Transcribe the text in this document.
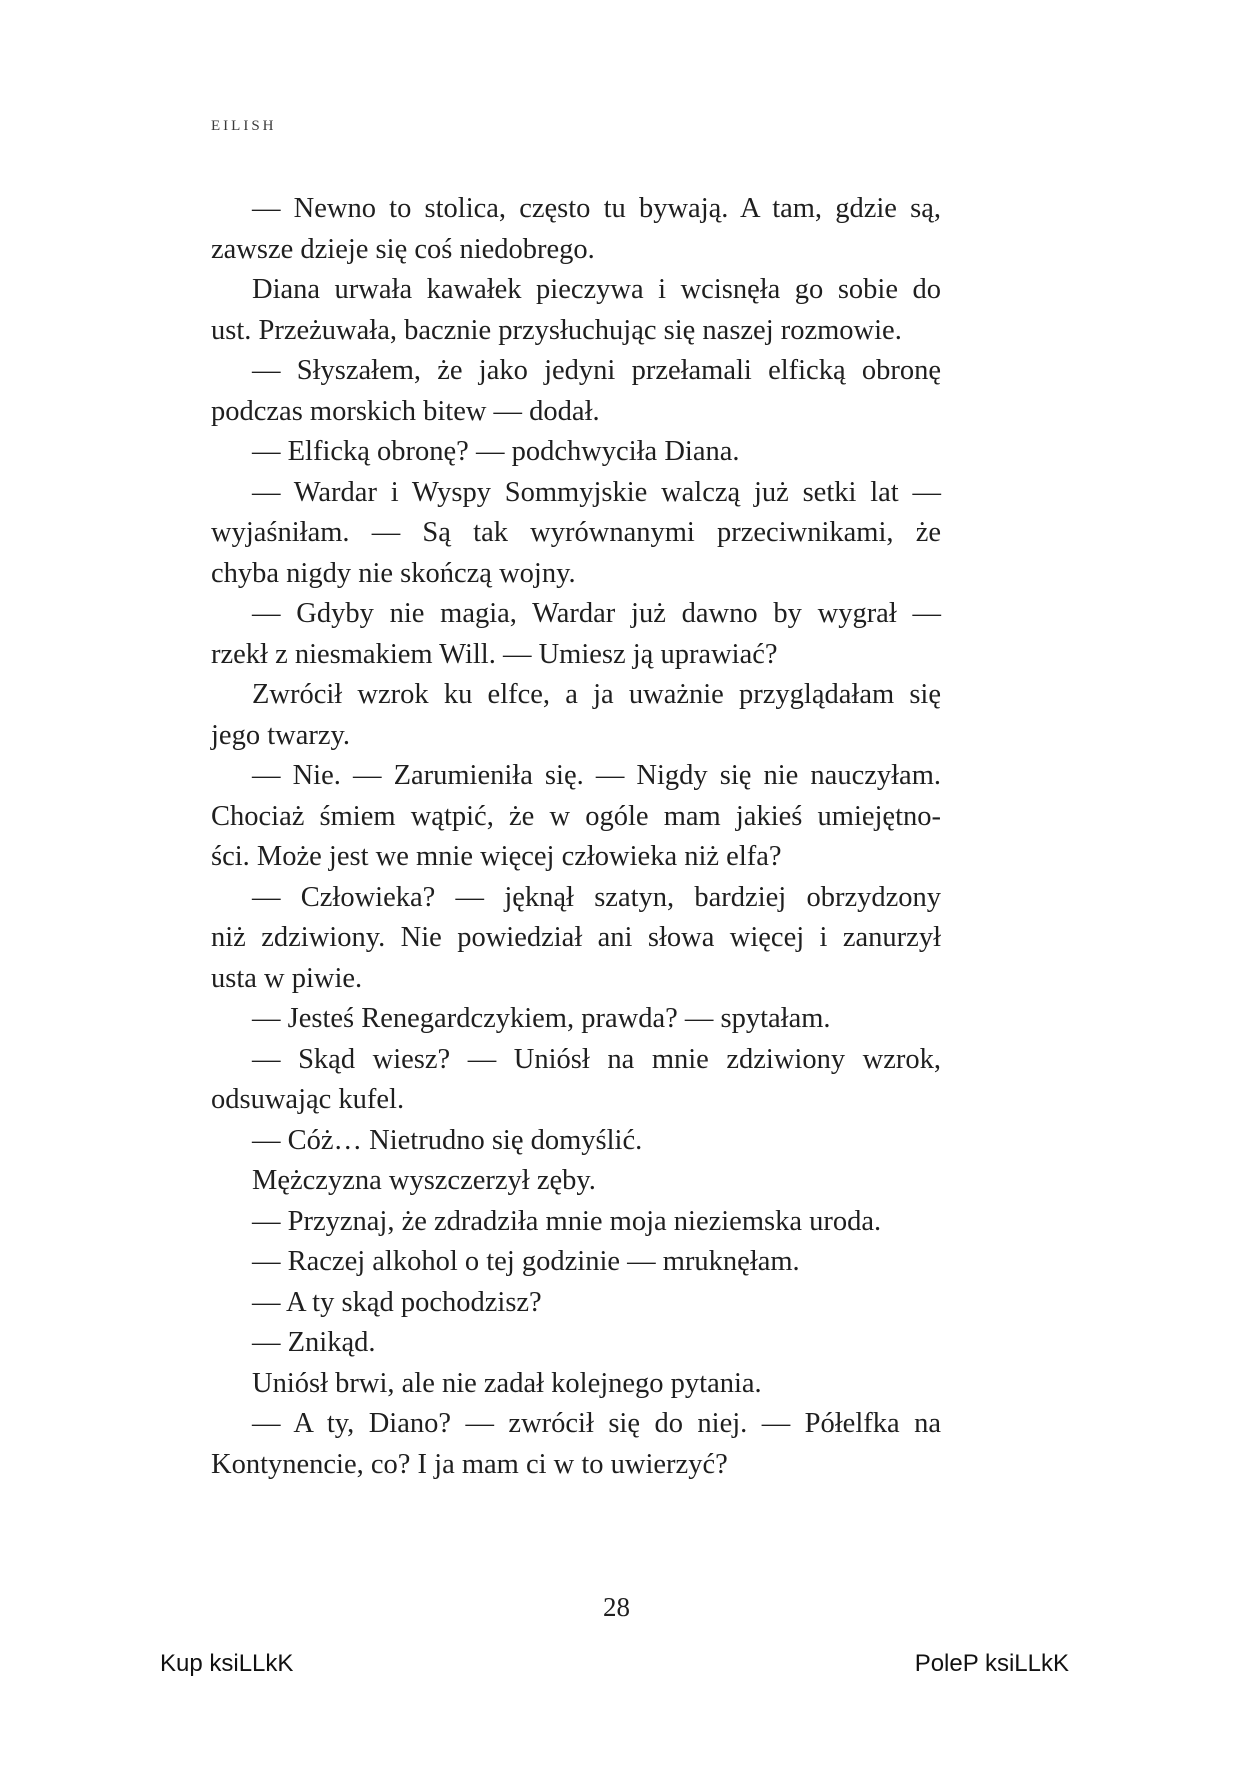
EILISH
— Newno to stolica, często tu bywają. A tam, gdzie są,
zawsze dzieje się coś niedobrego.
Diana urwała kawałek pieczywa i wcisnęła go sobie do
ust. Przeżuwała, bacznie przysłuchując się naszej rozmowie.
— Słyszałem, że jako jedyni przełamali elficką obronę
podczas morskich bitew — dodał.
— Elficką obronę? — podchwyciła Diana.
— Wardar i Wyspy Sommyjskie walczą już setki lat —
wyjaśniłam. — Są tak wyrównanymi przeciwnikami, że
chyba nigdy nie skończą wojny.
— Gdyby nie magia, Wardar już dawno by wygrał —
rzekł z niesmakiem Will. — Umiesz ją uprawiać?
Zwrócił wzrok ku elfce, a ja uważnie przyglądałam się
jego twarzy.
— Nie. — Zarumieniła się. — Nigdy się nie nauczyłam.
Chociaż śmiem wątpić, że w ogóle mam jakieś umiejętno-
ści. Może jest we mnie więcej człowieka niż elfa?
— Człowieka? — jęknął szatyn, bardziej obrzydzony
niż zdziwiony. Nie powiedział ani słowa więcej i zanurzył
usta w piwie.
— Jesteś Renegardczykiem, prawda? — spytałam.
— Skąd wiesz? — Uniósł na mnie zdziwiony wzrok,
odsuwając kufel.
— Cóż… Nietrudno się domyślić.
Mężczyzna wyszczerzył zęby.
— Przyznaj, że zdradziła mnie moja nieziemska uroda.
— Raczej alkohol o tej godzinie — mruknęłam.
— A ty skąd pochodzisz?
— Znikąd.
Uniósł brwi, ale nie zadał kolejnego pytania.
— A ty, Diano? — zwrócił się do niej. — Półelfka na
Kontynencie, co? I ja mam ci w to uwierzyć?
28
Kup ksiLLkK	PoleP ksiLLkK
